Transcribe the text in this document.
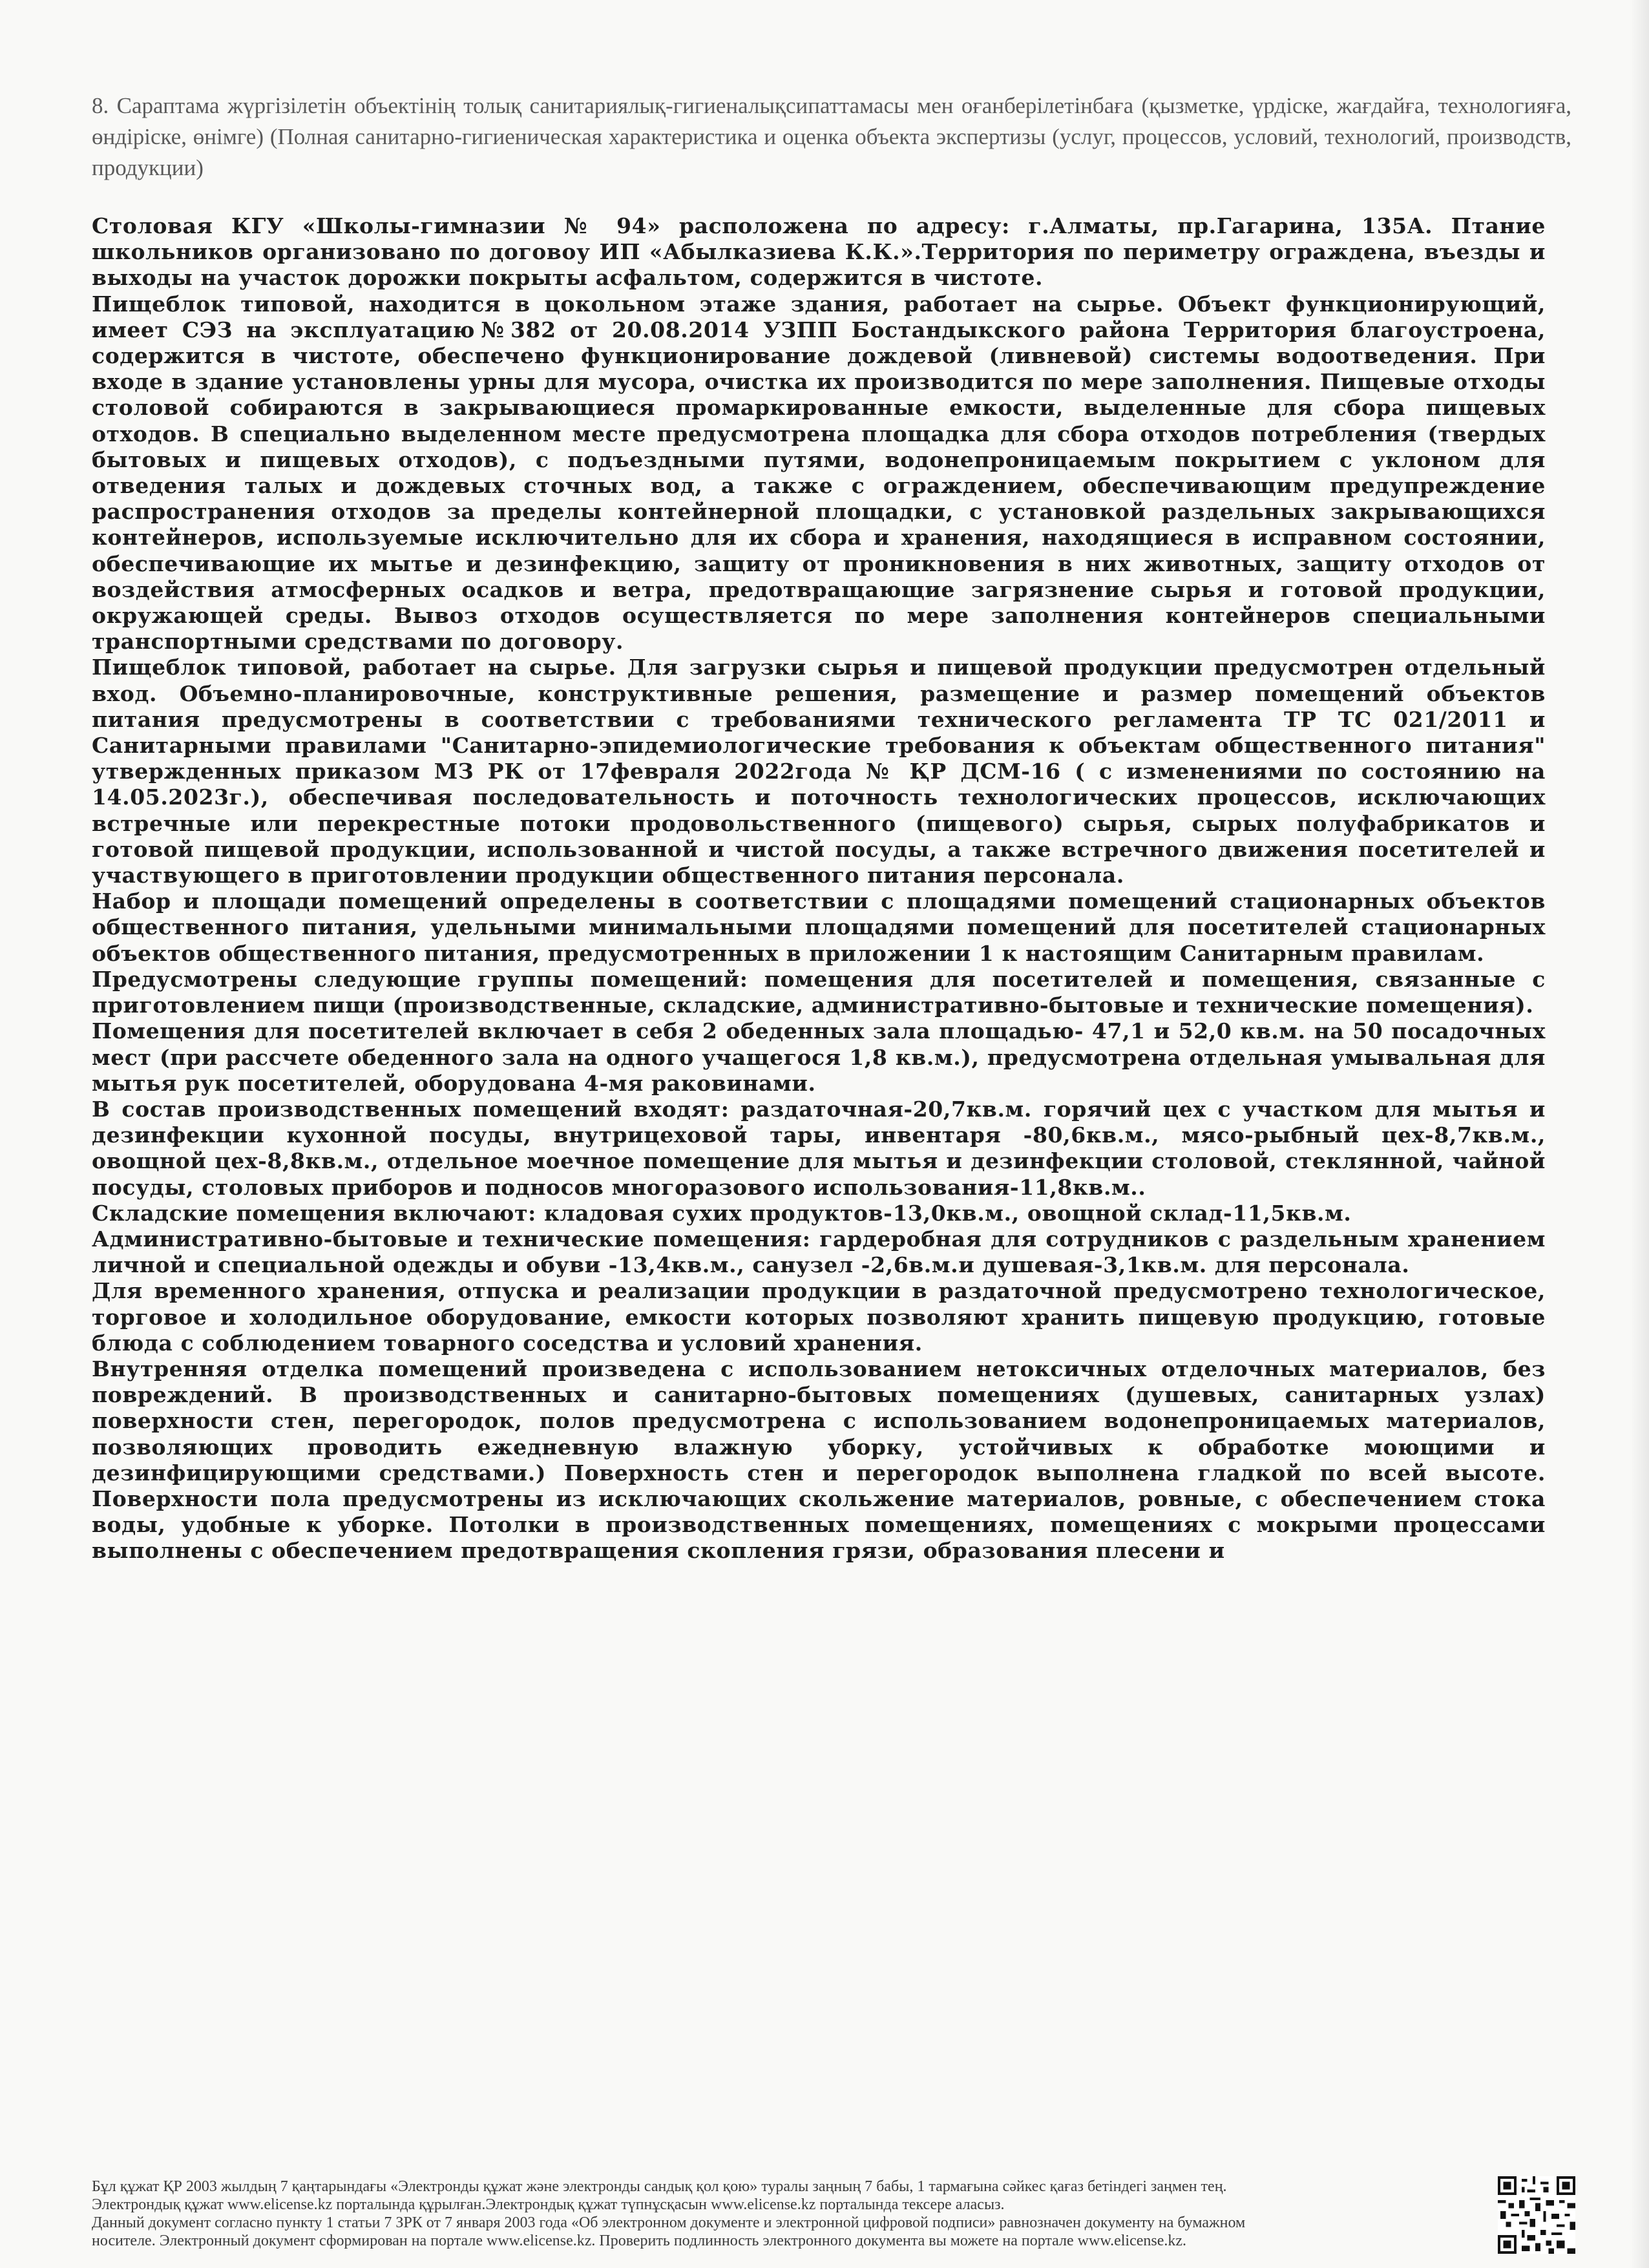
8. Сараптама жүргізілетін объектінің толық санитариялық-гигиеналықсипаттамасы мен оғанберілетінбаға (қызметке, үрдіске, жағдайға, технологияға, өндіріске, өнімге) (Полная санитарно-гигиеническая характеристика и оценка объекта экспертизы (услуг, процессов, условий, технологий, производств, продукции)

Столовая КГУ «Школы-гимназии № 94» расположена по адресу: г.Алматы, пр.Гагарина, 135А. Птание школьников организовано по договоу ИП «Абылказиева К.К.».Территория по периметру ограждена, въезды и выходы на участок дорожки покрыты асфальтом, содержится в чистоте.

Пищеблок типовой, находится в цокольном этаже здания, работает на сырье. Объект функционирующий, имеет СЭЗ на эксплуатацию№382 от 20.08.2014 УЗПП Бостандыкского района Территория благоустроена, содержится в чистоте, обеспечено функционирование дождевой (ливневой) системы водоотведения. При входе в здание установлены урны для мусора, очистка их производится по мере заполнения. Пищевые отходы столовой собираются в закрывающиеся промаркированные емкости, выделенные для сбора пищевых отходов. В специально выделенном месте предусмотрена площадка для сбора отходов потребления (твердых бытовых и пищевых отходов), с подъездными путями, водонепроницаемым покрытием с уклоном для отведения талых и дождевых сточных вод, а также с ограждением, обеспечивающим предупреждение распространения отходов за пределы контейнерной площадки, с установкой раздельных закрывающихся контейнеров, используемые исключительно для их сбора и хранения, находящиеся в исправном состоянии, обеспечивающие их мытье и дезинфекцию, защиту от проникновения в них животных, защиту отходов от воздействия атмосферных осадков и ветра, предотвращающие загрязнение сырья и готовой продукции, окружающей среды. Вывоз отходов осуществляется по мере заполнения контейнеров специальными транспортными средствами по договору.

Пищеблок типовой, работает на сырье. Для загрузки сырья и пищевой продукции предусмотрен отдельный вход. Объемно-планировочные, конструктивные решения, размещение и размер помещений объектов питания предусмотрены в соответствии с требованиями технического регламента ТР ТС 021/2011 и Санитарными правилами "Санитарно-эпидемиологические требования к объектам общественного питания" утвержденных приказом МЗ РК от 17февраля 2022года № ҚР ДСМ-16 ( с изменениями по состоянию на 14.05.2023г.), обеспечивая последовательность и поточность технологических процессов, исключающих встречные или перекрестные потоки продовольственного (пищевого) сырья, сырых полуфабрикатов и готовой пищевой продукции, использованной и чистой посуды, а также встречного движения посетителей и участвующего в приготовлении продукции общественного питания персонала.

Набор и площади помещений определены в соответствии с площадями помещений стационарных объектов общественного питания, удельными минимальными площадями помещений для посетителей стационарных объектов общественного питания, предусмотренных в приложении 1 к настоящим Санитарным правилам.

Предусмотрены следующие группы помещений: помещения для посетителей и помещения, связанные с приготовлением пищи (производственные, складские, административно-бытовые и технические помещения).

Помещения для посетителей включает в себя 2 обеденных зала площадью- 47,1 и 52,0 кв.м. на 50 посадочных мест (при рассчете обеденного зала на одного учащегося 1,8 кв.м.), предусмотрена отдельная умывальная для мытья рук посетителей, оборудована 4-мя раковинами.

В состав производственных помещений входят: раздаточная-20,7кв.м. горячий цех с участком для мытья и дезинфекции кухонной посуды, внутрицеховой тары, инвентаря -80,6кв.м., мясо-рыбный цех-8,7кв.м., овощной цех-8,8кв.м., отдельное моечное помещение для мытья и дезинфекции столовой, стеклянной, чайной посуды, столовых приборов и подносов многоразового использования-11,8кв.м..

Складские помещения включают: кладовая сухих продуктов-13,0кв.м., овощной склад-11,5кв.м.

Административно-бытовые и технические помещения: гардеробная для сотрудников с раздельным хранением личной и специальной одежды и обуви -13,4кв.м., санузел -2,6в.м.и душевая-3,1кв.м. для персонала.

Для временного хранения, отпуска и реализации продукции в раздаточной предусмотрено технологическое, торговое и холодильное оборудование, емкости которых позволяют хранить пищевую продукцию, готовые блюда с соблюдением товарного соседства и условий хранения.

Внутренняя отделка помещений произведена с использованием нетоксичных отделочных материалов, без повреждений. В производственных и санитарно-бытовых помещениях (душевых, санитарных узлах) поверхности стен, перегородок, полов предусмотрена с использованием водонепроницаемых материалов, позволяющих проводить ежедневную влажную уборку, устойчивых к обработке моющими и дезинфицирующими средствами.) Поверхность стен и перегородок выполнена гладкой по всей высоте. Поверхности пола предусмотрены из исключающих скольжение материалов, ровные, с обеспечением стока воды, удобные к уборке. Потолки в производственных помещениях, помещениях с мокрыми процессами выполнены с обеспечением предотвращения скопления грязи, образования плесени и

Бұл құжат ҚР 2003 жылдың 7 қаңтарындағы «Электронды құжат және электронды сандық қол қою» туралы заңның 7 бабы, 1 тармағына сәйкес қағаз бетіндегі заңмен тең.
Электрондық құжат www.elicense.kz порталында құрылған.Электрондық құжат түпнұсқасын www.elicense.kz порталында тексере аласыз.
Данный документ согласно пункту 1 статьи 7 ЗРК от 7 января 2003 года «Об электронном документе и электронной цифровой подписи» равнозначен документу на бумажном
носителе. Электронный документ сформирован на портале www.elicense.kz. Проверить подлинность электронного документа вы можете на портале www.elicense.kz.
